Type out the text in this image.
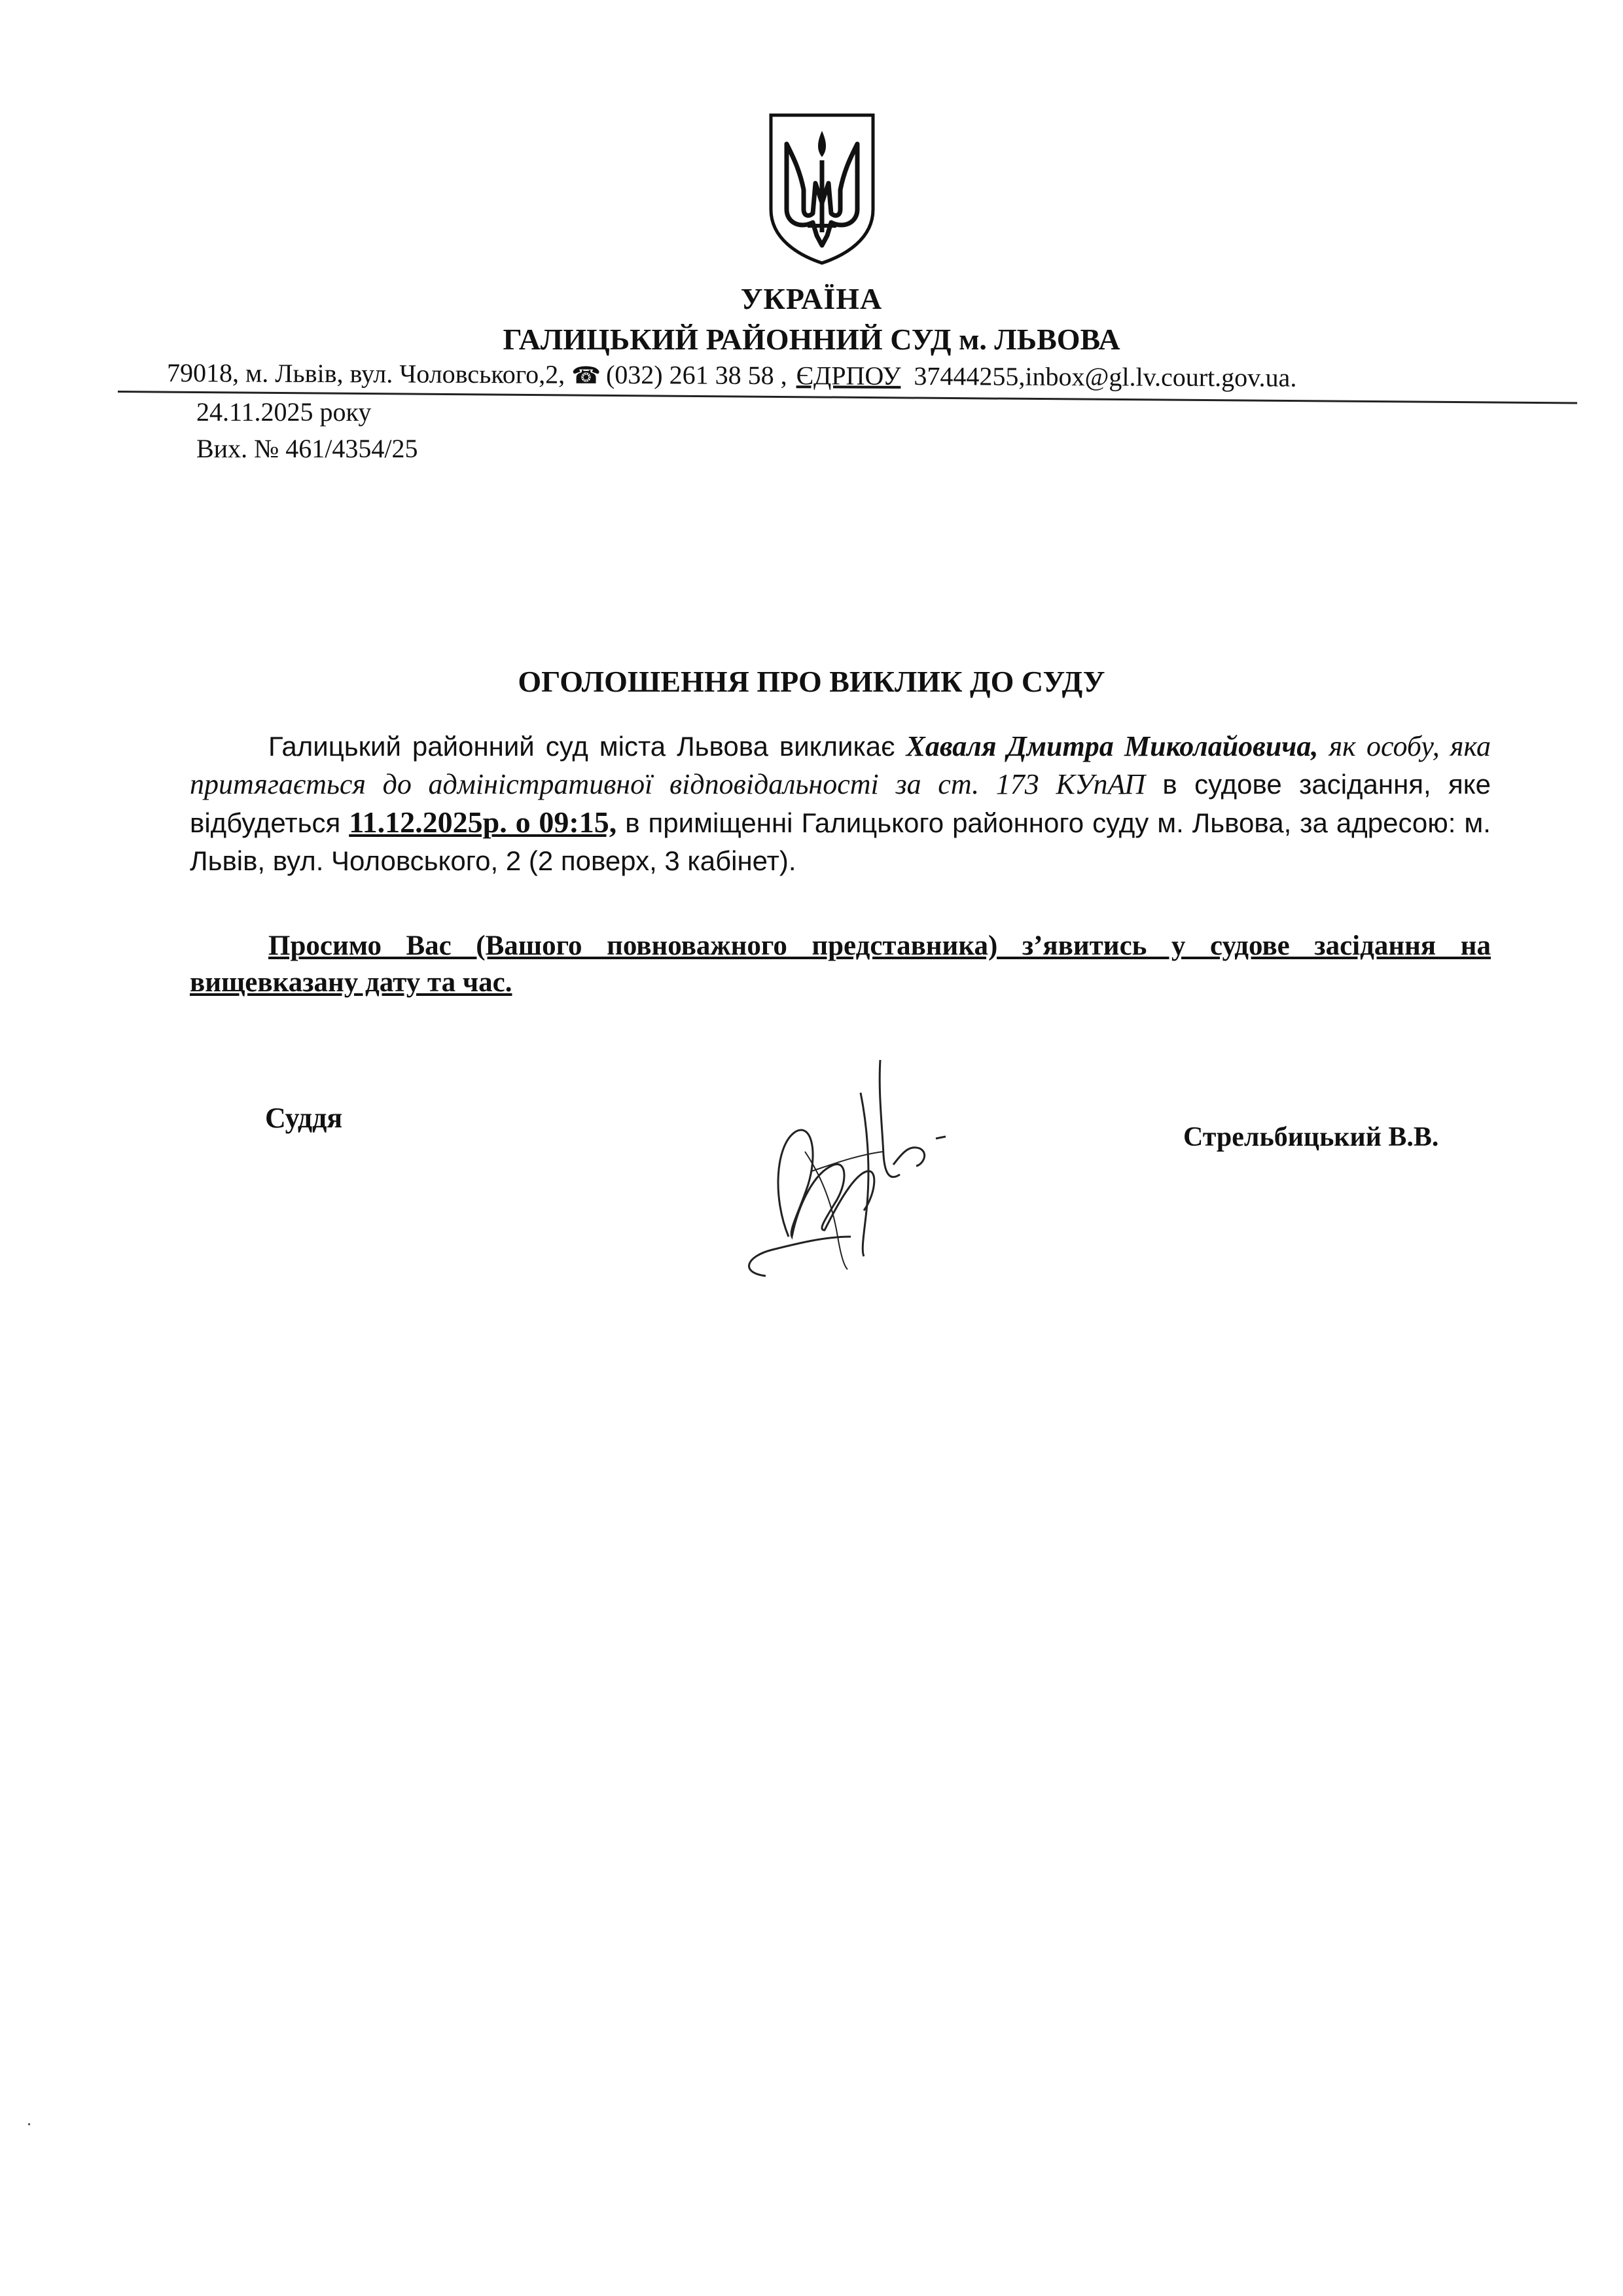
УКРАЇНА
ГАЛИЦЬКИЙ РАЙОННИЙ СУД м. ЛЬВОВА
79018, м. Львів, вул. Чоловського,2, ☎ (032) 261 38 58 , ЄДРПОУ 37444255,inbox@gl.lv.court.gov.ua.
24.11.2025 року
Вих. № 461/4354/25
ОГОЛОШЕННЯ ПРО ВИКЛИК ДО СУДУ
Галицький районний суд міста Львова викликає Хаваля Дмитра Миколайовича, як особу, яка притягається до адміністративної відповідальності за ст. 173 КУпАП в судове засідання, яке відбудеться 11.12.2025р. о 09:15, в приміщенні Галицького районного суду м. Львова, за адресою: м. Львів, вул. Чоловського, 2 (2 поверх, 3 кабінет).
Просимо Вас (Вашого повноважного представника) з’явитись у судове засідання на вищевказану дату та час.
Суддя
Стрельбицький В.В.
